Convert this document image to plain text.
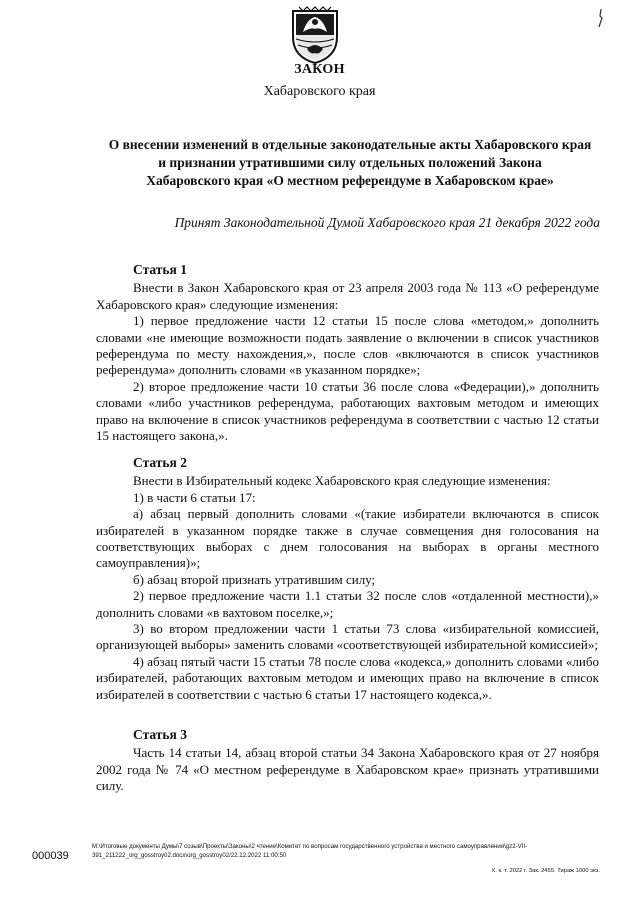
ЗАКОН
Хабаровского края
О внесении изменений в отдельные законодательные акты Хабаровского края
и признании утратившими силу отдельных положений Закона
Хабаровского края «О местном референдуме в Хабаровском крае»
Принят Законодательной Думой Хабаровского края 21 декабря 2022 года
Статья 1

Внести в Закон Хабаровского края от 23 апреля 2003 года № 113 «О референдуме Хабаровского края» следующие изменения:

1) первое предложение части 12 статьи 15 после слова «методом,» дополнить словами «не имеющие возможности подать заявление о включении в список участников референдума по месту нахождения,», после слов «включаются в список участников референдума» дополнить словами «в указанном порядке»;

2) второе предложение части 10 статьи 36 после слова «Федерации),» дополнить словами «либо участников референдума, работающих вахтовым методом и имеющих право на включение в список участников референдума в соответствии с частью 12 статьи 15 настоящего закона,».

Статья 2

Внести в Избирательный кодекс Хабаровского края следующие изменения:

1) в части 6 статьи 17:

а) абзац первый дополнить словами «(такие избиратели включаются в список избирателей в указанном порядке также в случае совмещения дня голосования на соответствующих выборах с днем голосования на выборах в органы местного самоуправления)»;

б) абзац второй признать утратившим силу;

2) первое предложение части 1.1 статьи 32 после слов «отдаленной местности),» дополнить словами «в вахтовом поселке,»;

3) во втором предложении части 1 статьи 73 слова «избирательной комиссией, организующей выборы» заменить словами «соответствующей избирательной комиссией»;

4) абзац пятый части 15 статьи 78 после слова «кодекса,» дополнить словами «либо избирателей, работающих вахтовым методом и имеющих право на включение в список избирателей в соответствии с частью 6 статьи 17 настоящего кодекса,».

Статья 3

Часть 14 статьи 14, абзац второй статьи 34 Закона Хабаровского края от 27 ноября 2002 года № 74 «О местном референдуме в Хабаровском крае» признать утратившими силу.

000039
M:\Итоговые документы Думы\7 созыв\Проекты\Законы\2 чтение\Комитет по вопросам государственного устройства и местного самоуправления\gz2-VII-
391_211222_org_gosstroy02.docx\org_gosstroy02/22.12.2022 11:00:50
Х. к. т. 2022 г. Зак. 2455. Тираж 1000 экз.
